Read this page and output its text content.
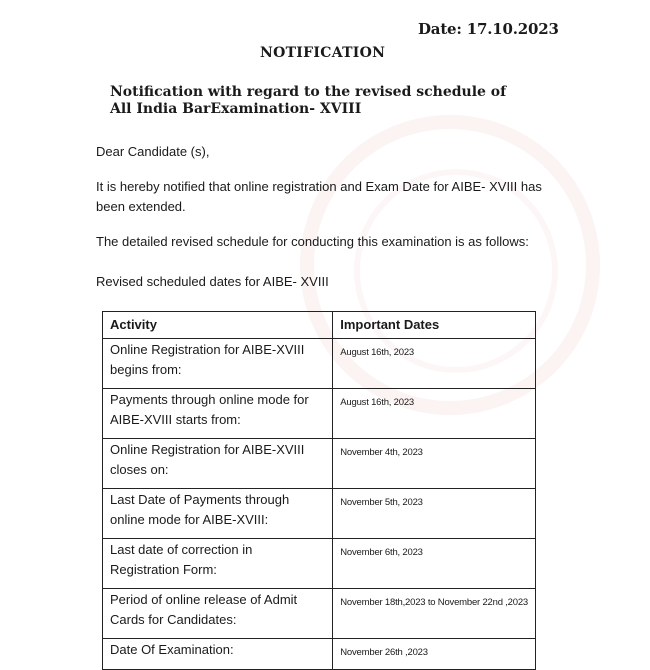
Date: 17.10.2023
NOTIFICATION
Notification with regard to the revised schedule of All India BarExamination- XVIII
Dear Candidate (s),
It is hereby notified that online registration and Exam Date for AIBE- XVIII has been extended.
The detailed revised schedule for conducting this examination is as follows:
Revised scheduled dates for AIBE- XVIII
Activity	Important Dates
Online Registration for AIBE-XVIII begins from:	August 16th, 2023
Payments through online mode for AIBE-XVIII starts from:	August 16th, 2023
Online Registration for AIBE-XVIII closes on:	November 4th, 2023
Last Date of Payments through online mode for AIBE-XVIII:	November 5th, 2023
Last date of correction in Registration Form:	November 6th, 2023
Period of online release of Admit Cards for Candidates:	November 18th,2023 to November 22nd ,2023
Date Of Examination:	November 26th ,2023
